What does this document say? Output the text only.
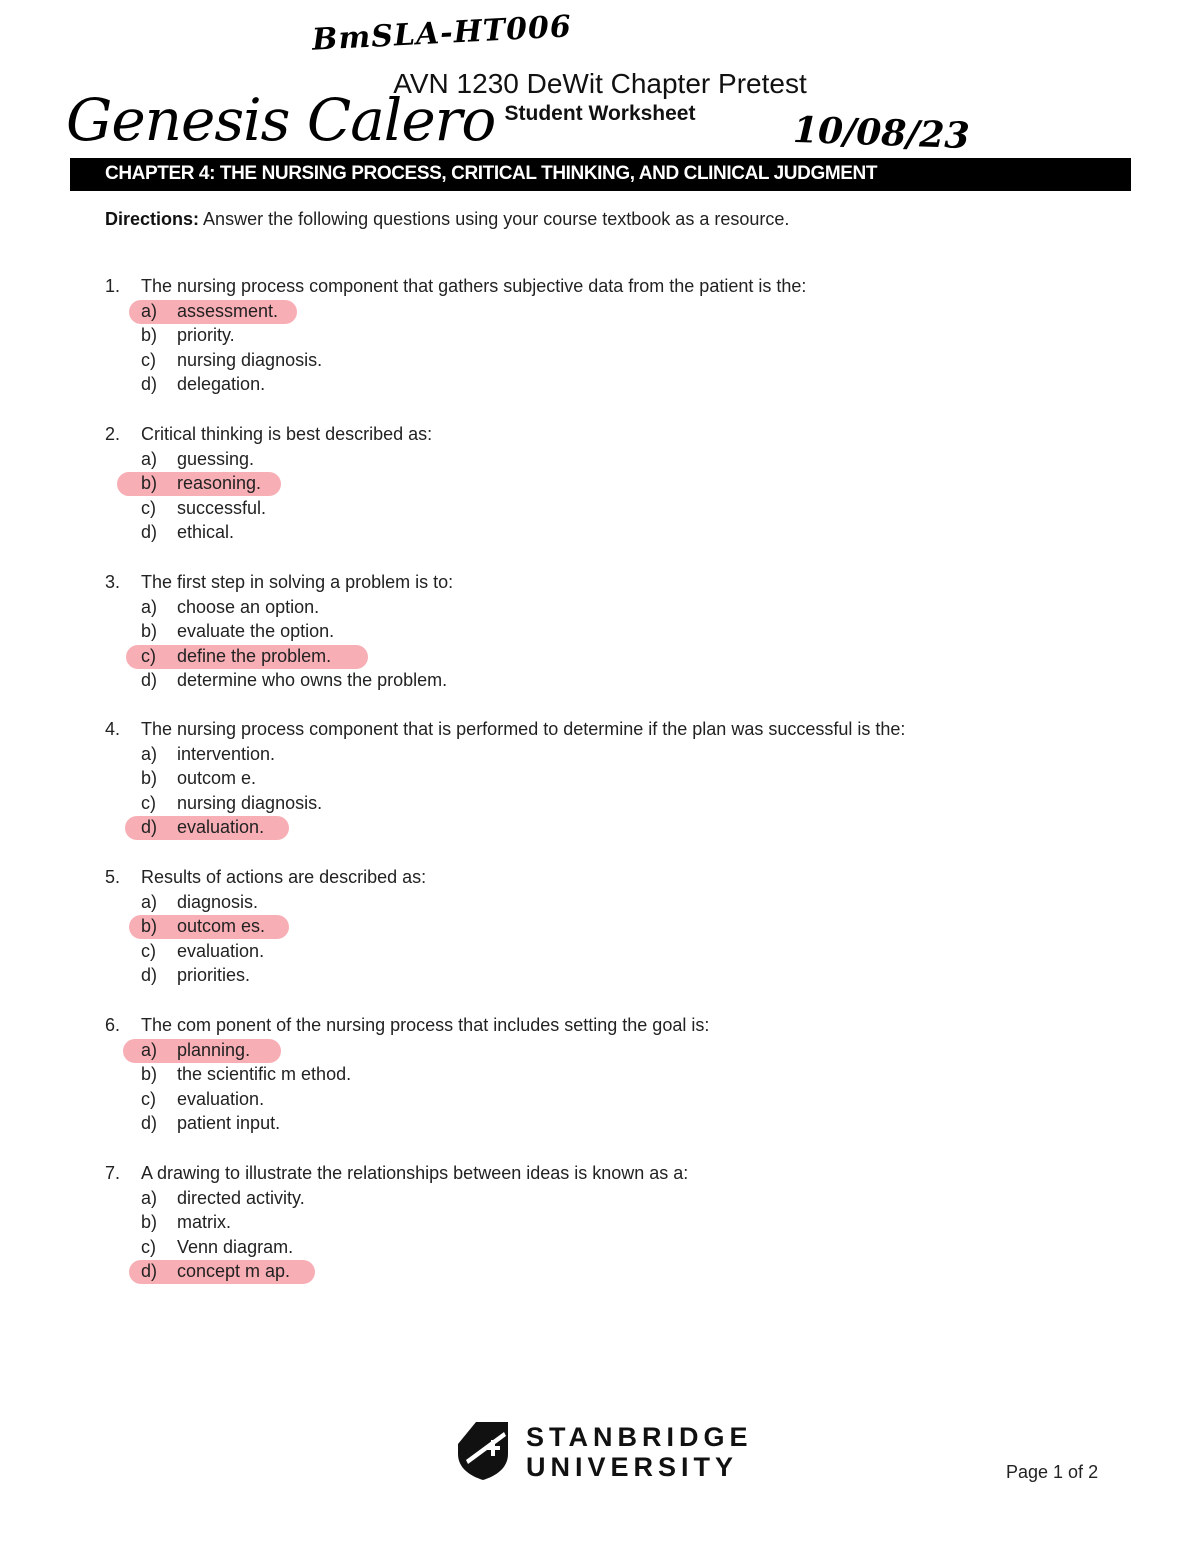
BmSLA-HT006
Genesis Calero	10/08/23
AVN 1230 DeWit Chapter Pretest
Student Worksheet
CHAPTER 4: THE NURSING PROCESS, CRITICAL THINKING, AND CLINICAL JUDGMENT
Directions: Answer the following questions using your course textbook as a resource.
1. The nursing process component that gathers subjective data from the patient is the:
a) assessment.
b) priority.
c) nursing diagnosis.
d) delegation.
2. Critical thinking is best described as:
a) guessing.
b) reasoning.
c) successful.
d) ethical.
3. The first step in solving a problem is to:
a) choose an option.
b) evaluate the option.
c) define the problem.
d) determine who owns the problem.
4. The nursing process component that is performed to determine if the plan was successful is the:
a) intervention.
b) outcom e.
c) nursing diagnosis.
d) evaluation.
5. Results of actions are described as:
a) diagnosis.
b) outcom es.
c) evaluation.
d) priorities.
6. The com ponent of the nursing process that includes setting the goal is:
a) planning.
b) the scientific m ethod.
c) evaluation.
d) patient input.
7. A drawing to illustrate the relationships between ideas is known as a:
a) directed activity.
b) matrix.
c) Venn diagram.
d) concept m ap.
STANBRIDGE
UNIVERSITY	Page 1 of 2
